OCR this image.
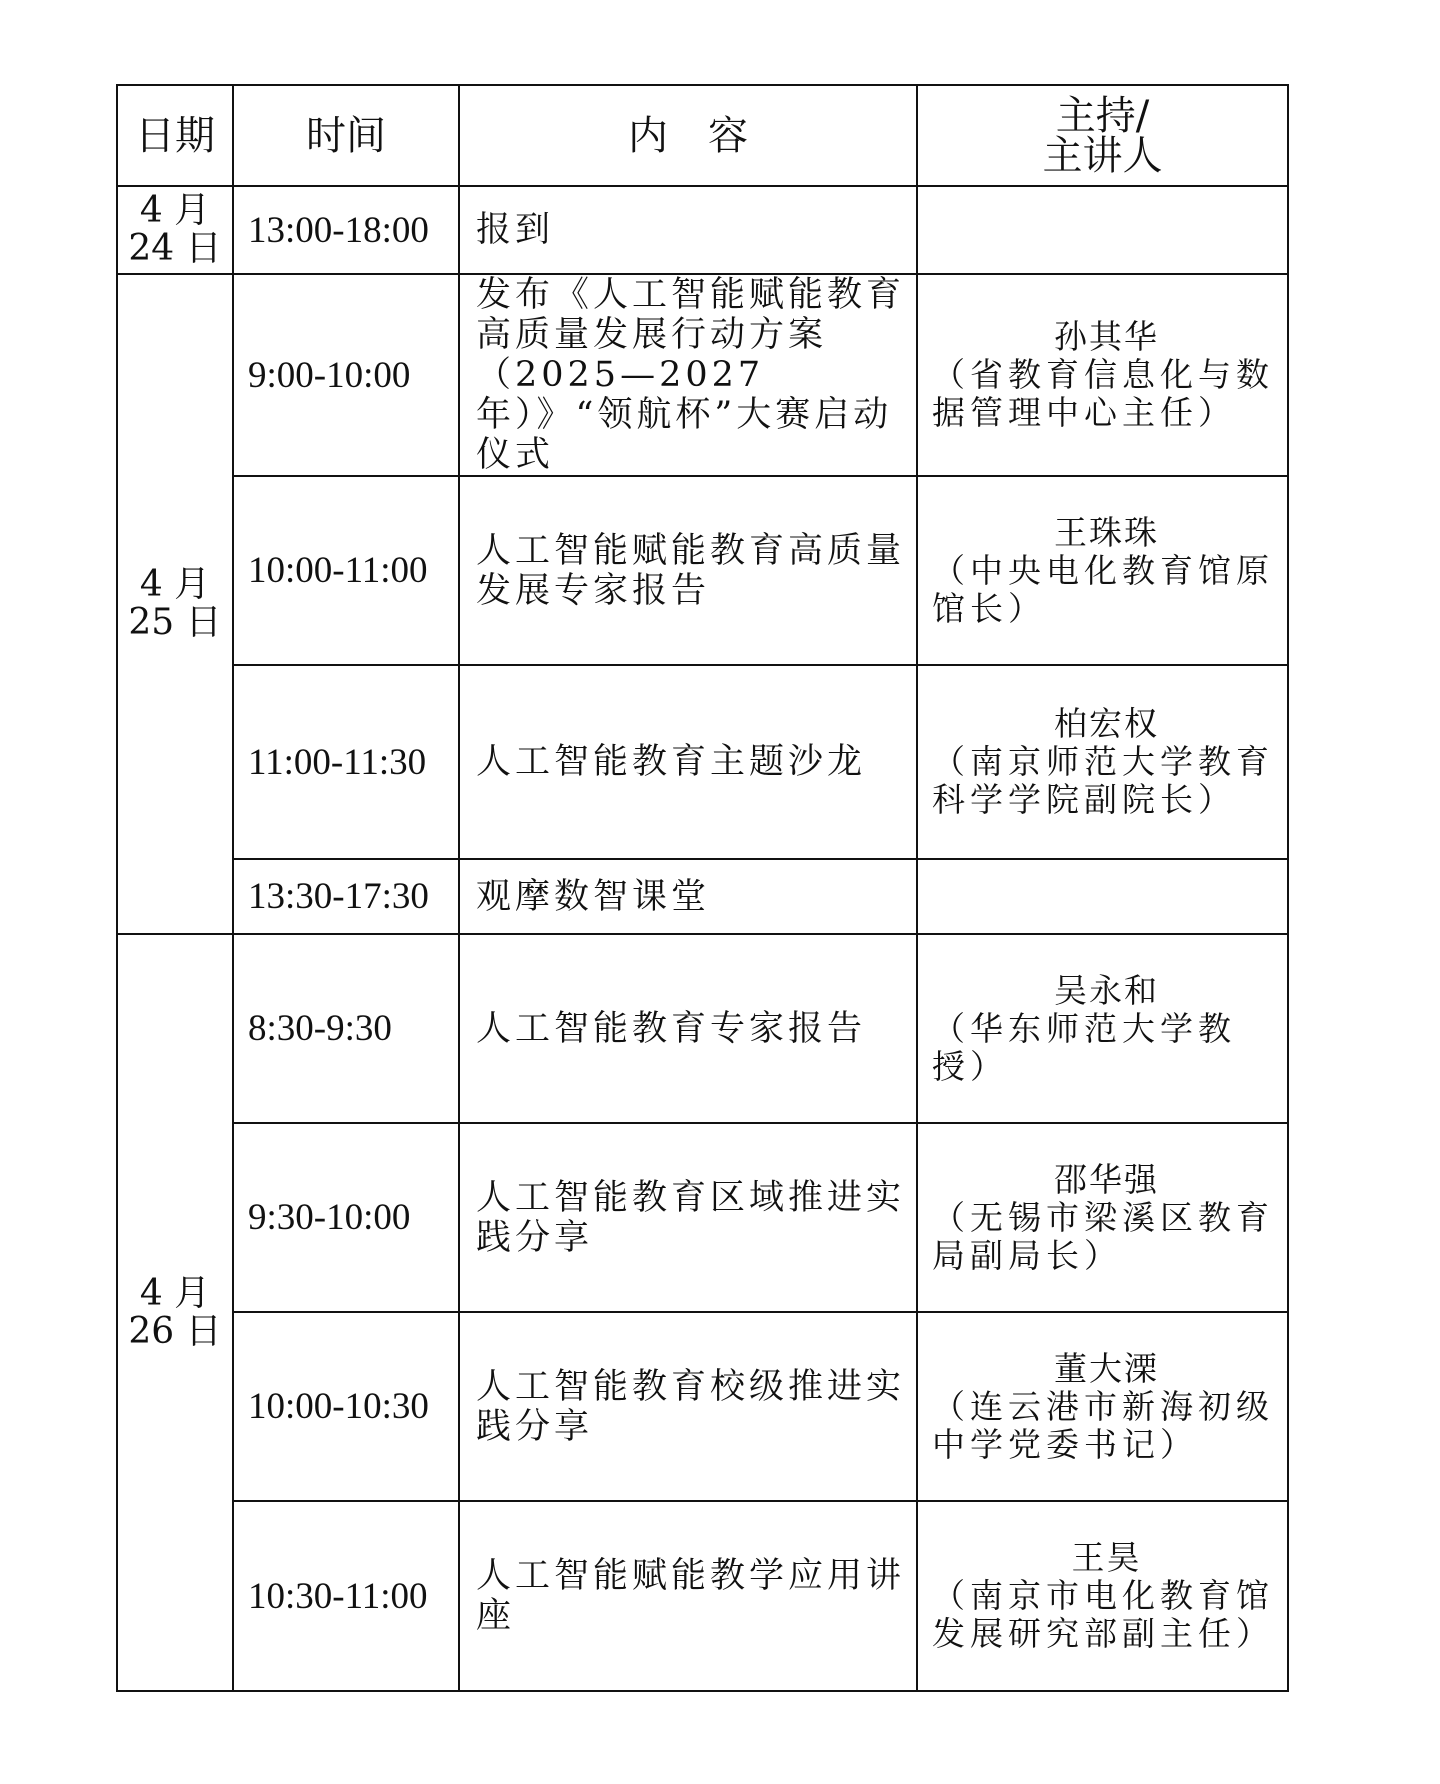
日期	时间	内　容	主持/
主讲人

4 月
24 日	13:00-18:00	报到	

4 月
25 日	9:00-10:00	发布《人工智能赋能教育高质量发展行动方案（2025—2027 年）》“领航杯”大赛启动仪式	孙其华
（省教育信息化与数据管理中心主任）

	10:00-11:00	人工智能赋能教育高质量发展专家报告	王珠珠
（中央电化教育馆原馆长）

	11:00-11:30	人工智能教育主题沙龙	柏宏权
（南京师范大学教育科学学院副院长）

	13:30-17:30	观摩数智课堂	

4 月
26 日	8:30-9:30	人工智能教育专家报告	吴永和
（华东师范大学教授）

	9:30-10:00	人工智能教育区域推进实践分享	邵华强
（无锡市梁溪区教育局副局长）

	10:00-10:30	人工智能教育校级推进实践分享	董大溧
（连云港市新海初级中学党委书记）

	10:30-11:00	人工智能赋能教学应用讲座	王昊
（南京市电化教育馆发展研究部副主任）
